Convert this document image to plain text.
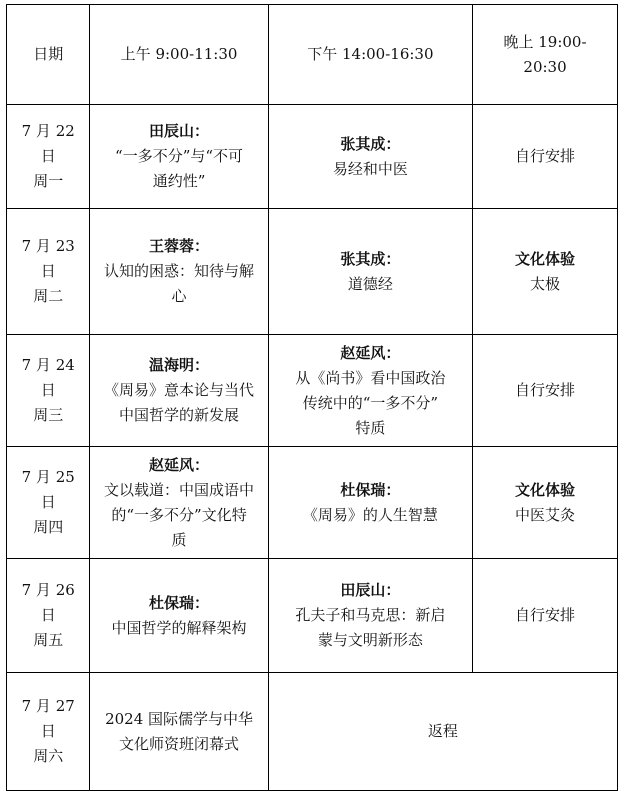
日期	上午 9:00-11:30	下午 14:00-16:30	晚上 19:00-
20:30

7 月 22 日
周一	田辰山：
“一多不分”与“不可
通约性”	张其成：
易经和中医	自行安排

7 月 23 日
周二	王蓉蓉：
认知的困惑：知待与解
心	张其成：
道德经	文化体验
太极

7 月 24 日
周三	温海明：
《周易》意本论与当代
中国哲学的新发展	赵延风：
从《尚书》看中国政治
传统中的“一多不分”
特质	自行安排

7 月 25 日
周四	赵延风：
文以载道：中国成语中
的“一多不分”文化特
质	杜保瑞：
《周易》的人生智慧	文化体验
中医艾灸

7 月 26 日
周五	杜保瑞：
中国哲学的解释架构	田辰山：
孔夫子和马克思：新启
蒙与文明新形态	自行安排

7 月 27 日
周六	2024 国际儒学与中华
文化师资班闭幕式	返程	
